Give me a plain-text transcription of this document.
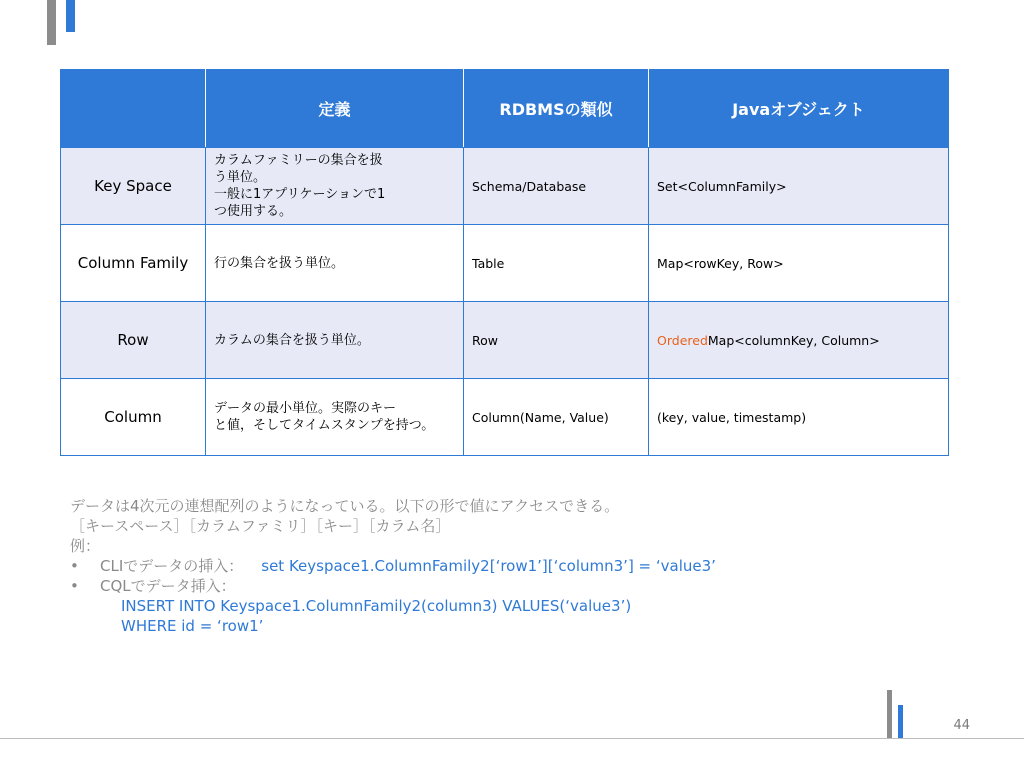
	定義	RDBMSの類似	Javaオブジェクト
Key Space	カラムファミリーの集合を扱
う単位。
一般に1アプリケーションで1
つ使用する。	Schema/Database	Set<ColumnFamily>
Column Family	行の集合を扱う単位。	Table	Map<rowKey, Row>
Row	カラムの集合を扱う単位。	Row	OrderedMap<columnKey, Column>
Column	データの最小単位。実際のキー
と値，そしてタイムスタンプを持つ。	Column(Name, Value)	(key, value, timestamp)
データは4次元の連想配列のようになっている。以下の形で値にアクセスできる。
［キースペース］［カラムファミリ］［キー］［カラム名］
例：
• CLIでデータの挿入： set Keyspace1.ColumnFamily2[‘row1’][‘column3’] = ‘value3’
• CQLでデータ挿入：
INSERT INTO Keyspace1.ColumnFamily2(column3) VALUES(‘value3’)
WHERE id = ‘row1’
44
